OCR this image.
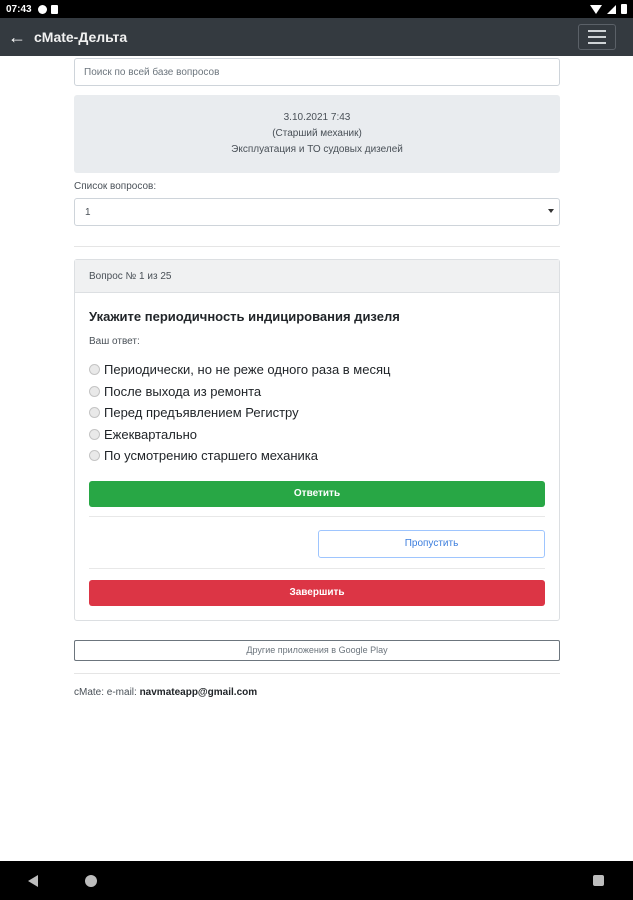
07:43
← cMate-Дельта
Поиск по всей базе вопросов
3.10.2021 7:43
(Старший механик)
Эксплуатация и ТО судовых дизелей
Список вопросов:
1
Вопрос № 1 из 25
Укажите периодичность индицирования дизеля
Ваш ответ:
Периодически, но не реже одного раза в месяц
После выхода из ремонта
Перед предъявлением Регистру
Ежеквартально
По усмотрению старшего механика
Ответить
Пропустить
Завершить
Другие приложения в Google Play
cMate: e-mail: navmateapp@gmail.com
